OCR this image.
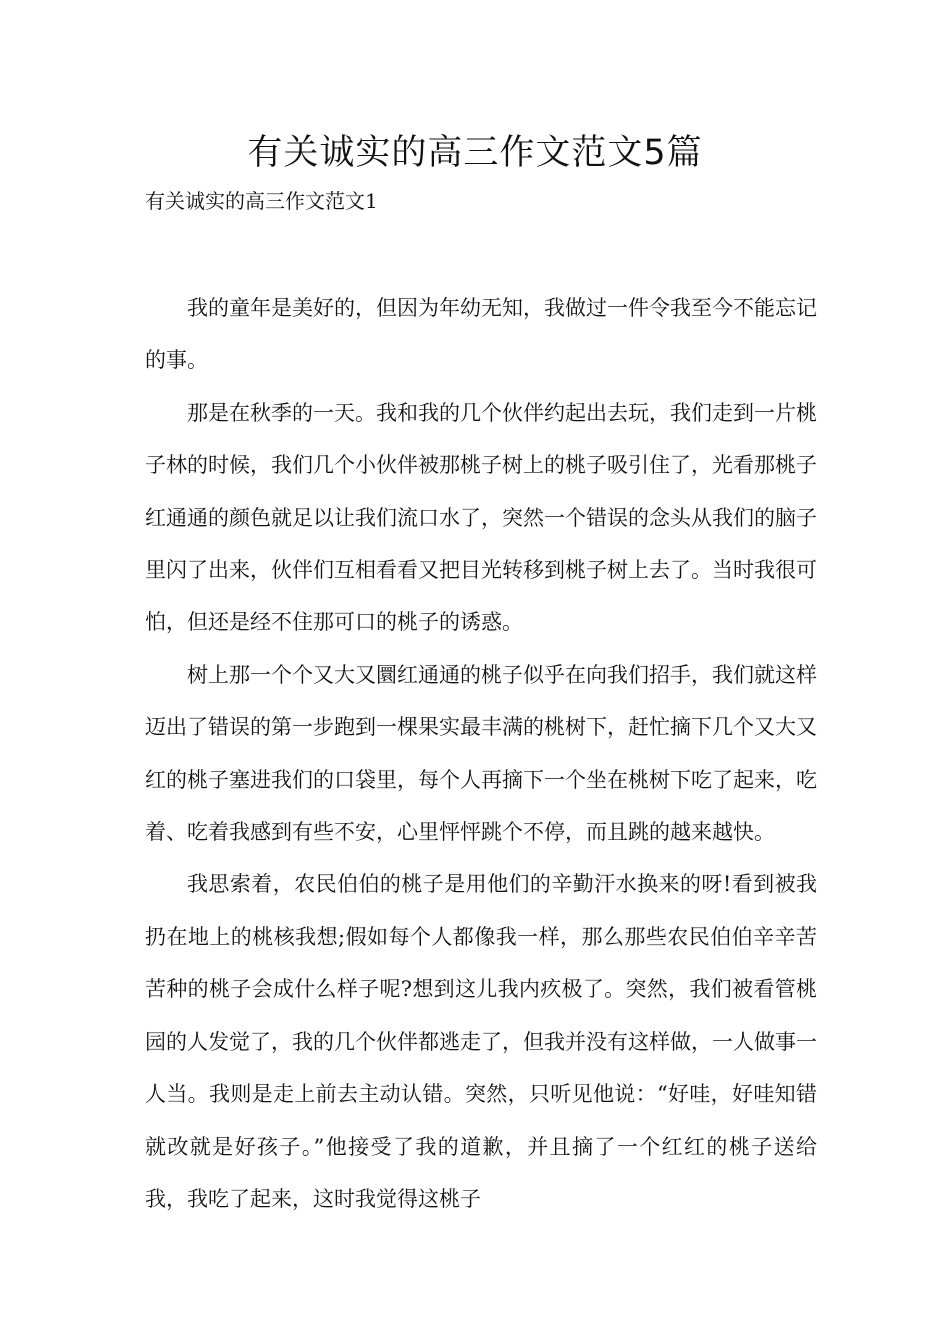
有关诚实的高三作文范文5篇
有关诚实的高三作文范文1

我的童年是美好的，但因为年幼无知，我做过一件令我至今不能忘记的事。

那是在秋季的一天。我和我的几个伙伴约起出去玩，我们走到一片桃子林的时候，我们几个小伙伴被那桃子树上的桃子吸引住了，光看那桃子红通通的颜色就足以让我们流口水了，突然一个错误的念头从我们的脑子里闪了出来，伙伴们互相看看又把目光转移到桃子树上去了。当时我很可怕，但还是经不住那可口的桃子的诱惑。

树上那一个个又大又圜红通通的桃子似乎在向我们招手，我们就这样迈出了错误的第一步跑到一棵果实最丰满的桃树下，赶忙摘下几个又大又红的桃子塞进我们的口袋里，每个人再摘下一个坐在桃树下吃了起来，吃着、吃着我感到有些不安，心里怦怦跳个不停，而且跳的越来越快。

我思索着，农民伯伯的桃子是用他们的辛勤汗水换来的呀!看到被我扔在地上的桃核我想;假如每个人都像我一样，那么那些农民伯伯辛辛苦苦种的桃子会成什么样子呢?想到这儿我内疚极了。突然，我们被看管桃园的人发觉了，我的几个伙伴都逃走了，但我并没有这样做，一人做事一人当。我则是走上前去主动认错。突然，只听见他说：“好哇，好哇知错就改就是好孩子。”他接受了我的道歉，并且摘了一个红红的桃子送给我，我吃了起来，这时我觉得这桃子
